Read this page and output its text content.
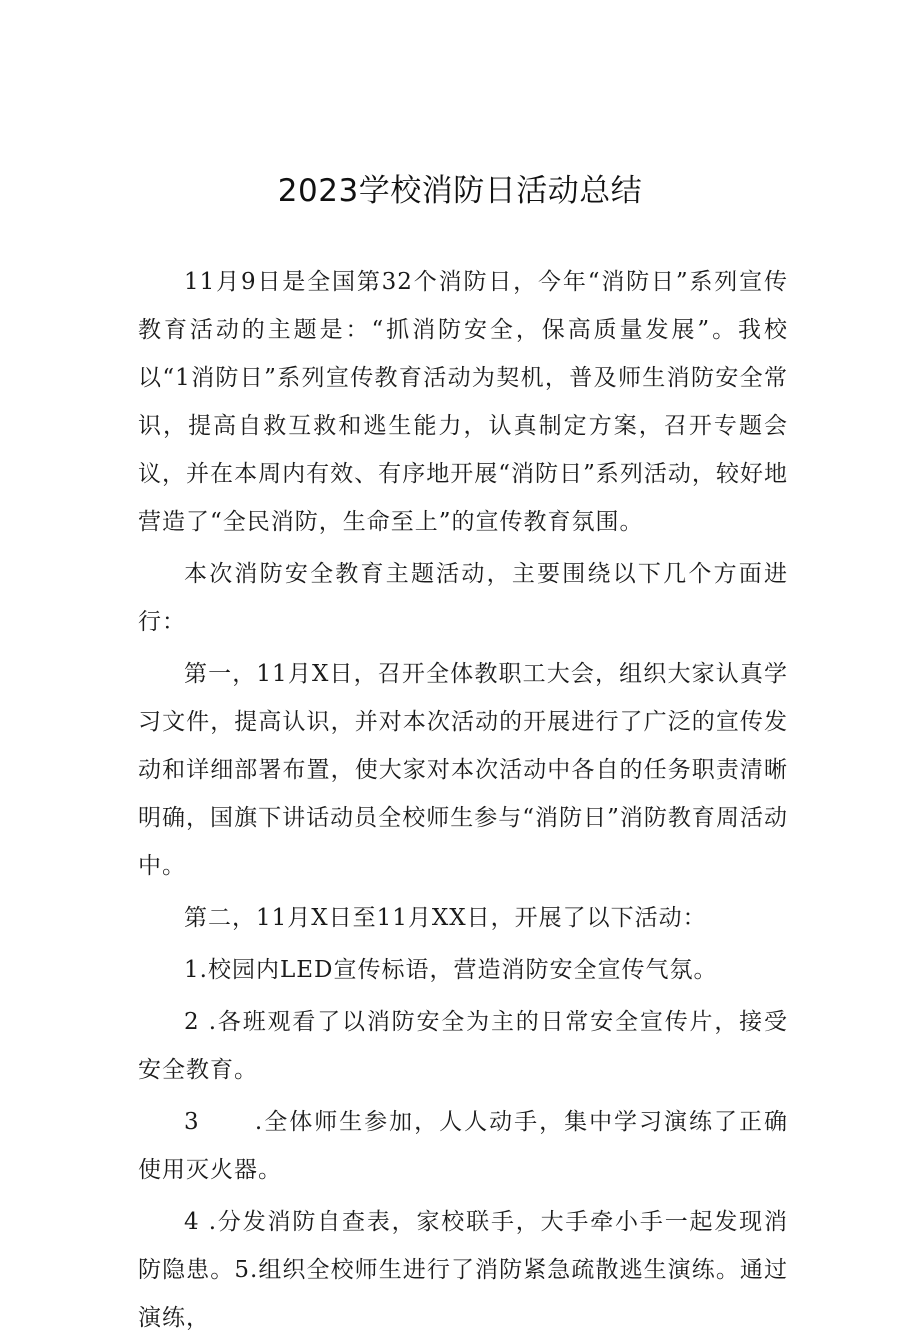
2023学校消防日活动总结

11月9日是全国第32个消防日，今年“消防日”系列宣传教育活动的主题是：“抓消防安全，保高质量发展”。我校以“1消防日”系列宣传教育活动为契机，普及师生消防安全常识，提高自救互救和逃生能力，认真制定方案，召开专题会议，并在本周内有效、有序地开展“消防日”系列活动，较好地营造了“全民消防，生命至上”的宣传教育氛围。

本次消防安全教育主题活动，主要围绕以下几个方面进行：

第一，11月X日，召开全体教职工大会，组织大家认真学习文件，提高认识，并对本次活动的开展进行了广泛的宣传发动和详细部署布置，使大家对本次活动中各自的任务职责清晰明确，国旗下讲话动员全校师生参与“消防日”消防教育周活动中。

第二，11月X日至11月XX日，开展了以下活动：

1.校园内LED宣传标语，营造消防安全宣传气氛。

2 .各班观看了以消防安全为主的日常安全宣传片，接受安全教育。

3 .全体师生参加，人人动手，集中学习演练了正确使用灭火器。

4 .分发消防自查表，家校联手，大手牵小手一起发现消防隐患。5.组织全校师生进行了消防紧急疏散逃生演练。通过演练，
